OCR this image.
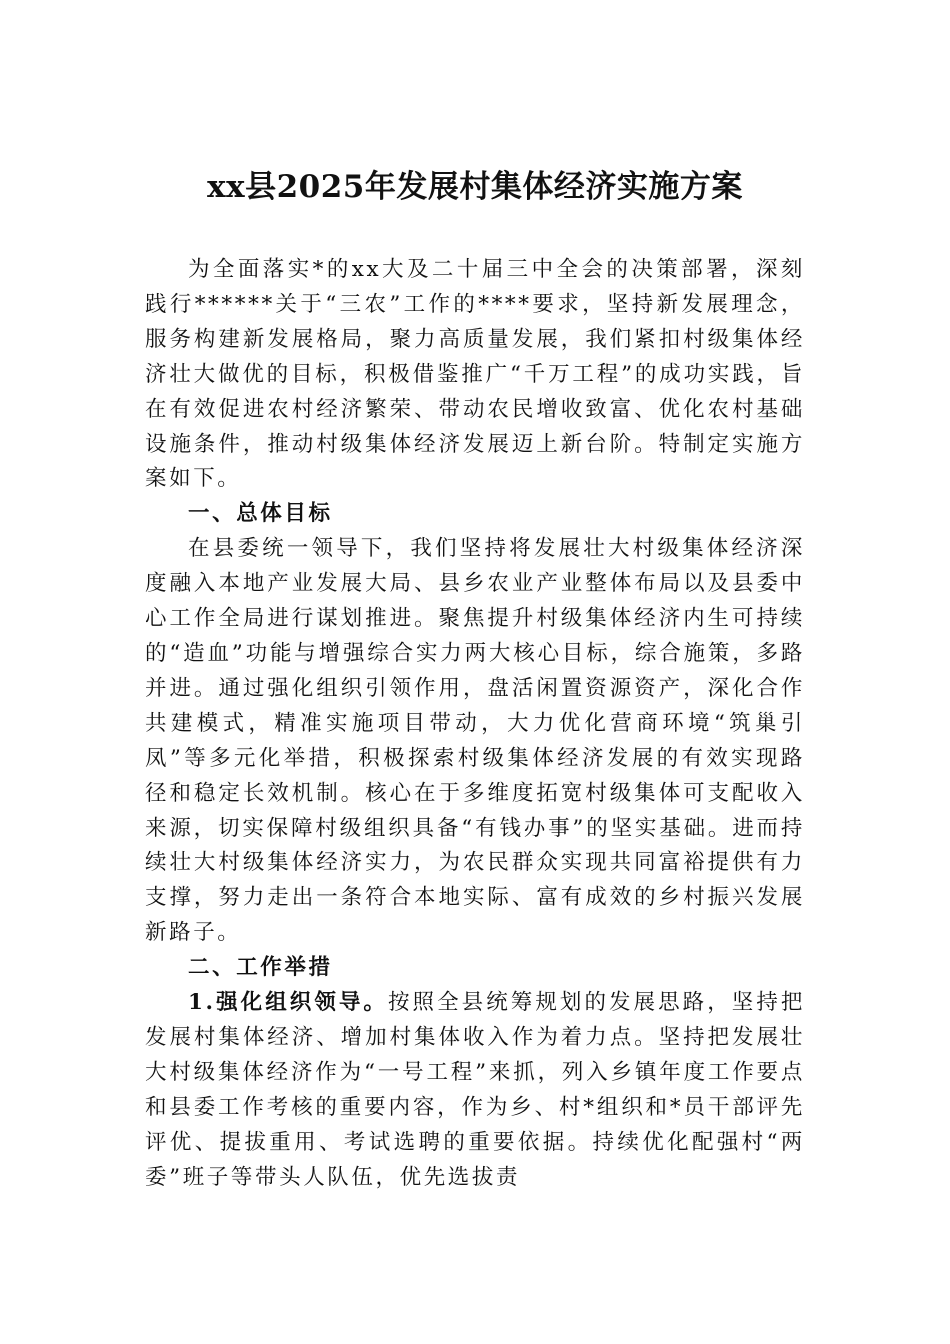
xx县2025年发展村集体经济实施方案

为全面落实*的xx大及二十届三中全会的决策部署，深刻践行******关于“三农”工作的****要求，坚持新发展理念，服务构建新发展格局，聚力高质量发展，我们紧扣村级集体经济壮大做优的目标，积极借鉴推广“千万工程”的成功实践，旨在有效促进农村经济繁荣、带动农民增收致富、优化农村基础设施条件，推动村级集体经济发展迈上新台阶。特制定实施方案如下。

一、总体目标

在县委统一领导下，我们坚持将发展壮大村级集体经济深度融入本地产业发展大局、县乡农业产业整体布局以及县委中心工作全局进行谋划推进。聚焦提升村级集体经济内生可持续的“造血”功能与增强综合实力两大核心目标，综合施策，多路并进。通过强化组织引领作用，盘活闲置资源资产，深化合作共建模式，精准实施项目带动，大力优化营商环境“筑巢引凤”等多元化举措，积极探索村级集体经济发展的有效实现路径和稳定长效机制。核心在于多维度拓宽村级集体可支配收入来源，切实保障村级组织具备“有钱办事”的坚实基础。进而持续壮大村级集体经济实力，为农民群众实现共同富裕提供有力支撑，努力走出一条符合本地实际、富有成效的乡村振兴发展新路子。

二、工作举措

1.强化组织领导。按照全县统筹规划的发展思路，坚持把发展村集体经济、增加村集体收入作为着力点。坚持把发展壮大村级集体经济作为“一号工程”来抓，列入乡镇年度工作要点和县委工作考核的重要内容，作为乡、村*组织和*员干部评先评优、提拔重用、考试选聘的重要依据。持续优化配强村“两委”班子等带头人队伍，优先选拔责
